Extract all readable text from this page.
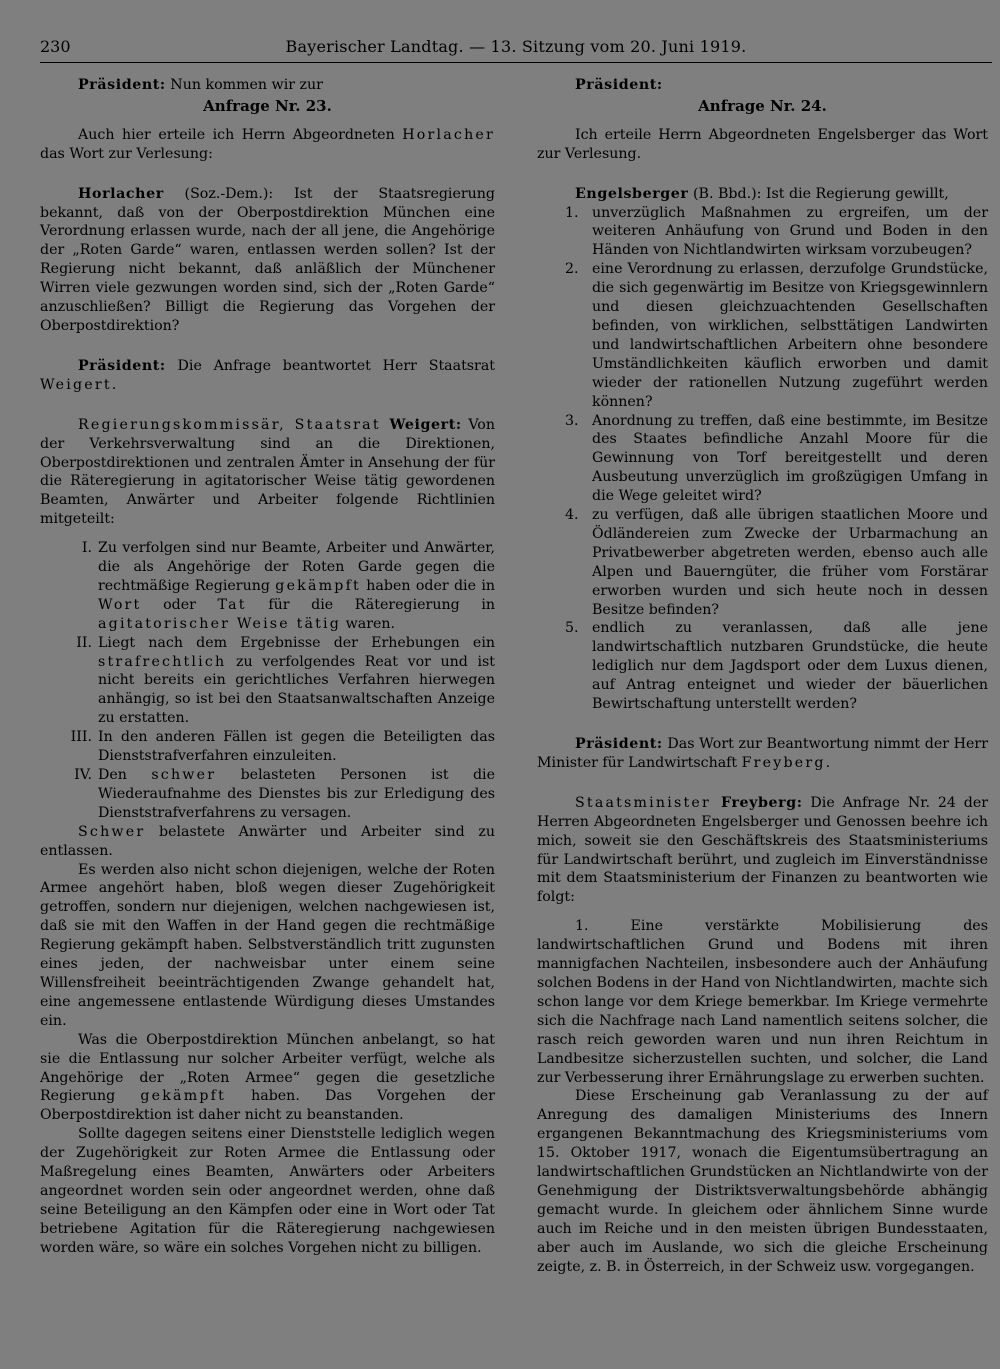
230	Bayerischer Landtag. — 13. Sitzung vom 20. Juni 1919.

Präsident: Nun kommen wir zur

Anfrage Nr. 23.

Auch hier erteile ich Herrn Abgeordneten Horlacher das Wort zur Verlesung:

Horlacher (Soz.-Dem.): Ist der Staatsregierung bekannt, daß von der Oberpostdirektion München eine Verordnung erlassen wurde, nach der all jene, die Angehörige der „Roten Garde“ waren, entlassen werden sollen? Ist der Regierung nicht bekannt, daß anläßlich der Münchener Wirren viele gezwungen worden sind, sich der „Roten Garde“ anzuschließen? Billigt die Regierung das Vorgehen der Oberpostdirektion?

Präsident: Die Anfrage beantwortet Herr Staatsrat Weigert.

Regierungskommissär, Staatsrat Weigert: Von der Verkehrsverwaltung sind an die Direktionen, Oberpostdirektionen und zentralen Ämter in Ansehung der für die Räteregierung in agitatorischer Weise tätig gewordenen Beamten, Anwärter und Arbeiter folgende Richtlinien mitgeteilt:

I. Zu verfolgen sind nur Beamte, Arbeiter und Anwärter, die als Angehörige der Roten Garde gegen die rechtmäßige Regierung gekämpft haben oder die in Wort oder Tat für die Räteregierung in agitatorischer Weise tätig waren.
II. Liegt nach dem Ergebnisse der Erhebungen ein strafrechtlich zu verfolgendes Reat vor und ist nicht bereits ein gerichtliches Verfahren hierwegen anhängig, so ist bei den Staatsanwaltschaften Anzeige zu erstatten.
III. In den anderen Fällen ist gegen die Beteiligten das Dienststrafverfahren einzuleiten.
IV. Den schwer belasteten Personen ist die Wiederaufnahme des Dienstes bis zur Erledigung des Dienststrafverfahrens zu versagen.

Schwer belastete Anwärter und Arbeiter sind zu entlassen.

Es werden also nicht schon diejenigen, welche der Roten Armee angehört haben, bloß wegen dieser Zugehörigkeit getroffen, sondern nur diejenigen, welchen nachgewiesen ist, daß sie mit den Waffen in der Hand gegen die rechtmäßige Regierung gekämpft haben. Selbstverständlich tritt zugunsten eines jeden, der nachweisbar unter einem seine Willensfreiheit beeinträchtigenden Zwange gehandelt hat, eine angemessene entlastende Würdigung dieses Umstandes ein.

Was die Oberpostdirektion München anbelangt, so hat sie die Entlassung nur solcher Arbeiter verfügt, welche als Angehörige der „Roten Armee“ gegen die gesetzliche Regierung gekämpft haben. Das Vorgehen der Oberpostdirektion ist daher nicht zu beanstanden.

Sollte dagegen seitens einer Dienststelle lediglich wegen der Zugehörigkeit zur Roten Armee die Entlassung oder Maßregelung eines Beamten, Anwärters oder Arbeiters angeordnet worden sein oder angeordnet werden, ohne daß seine Beteiligung an den Kämpfen oder eine in Wort oder Tat betriebene Agitation für die Räteregierung nachgewiesen worden wäre, so wäre ein solches Vorgehen nicht zu billigen.

Präsident:

Anfrage Nr. 24.

Ich erteile Herrn Abgeordneten Engelsberger das Wort zur Verlesung.

Engelsberger (B. Bbd.): Ist die Regierung gewillt,

1. unverzüglich Maßnahmen zu ergreifen, um der weiteren Anhäufung von Grund und Boden in den Händen von Nichtlandwirten wirksam vorzubeugen?
2. eine Verordnung zu erlassen, derzufolge Grundstücke, die sich gegenwärtig im Besitze von Kriegsgewinnlern und diesen gleichzuachtenden Gesellschaften befinden, von wirklichen, selbsttätigen Landwirten und landwirtschaftlichen Arbeitern ohne besondere Umständlichkeiten käuflich erworben und damit wieder der rationellen Nutzung zugeführt werden können?
3. Anordnung zu treffen, daß eine bestimmte, im Besitze des Staates befindliche Anzahl Moore für die Gewinnung von Torf bereitgestellt und deren Ausbeutung unverzüglich im großzügigen Umfang in die Wege geleitet wird?
4. zu verfügen, daß alle übrigen staatlichen Moore und Ödländereien zum Zwecke der Urbarmachung an Privatbewerber abgetreten werden, ebenso auch alle Alpen und Bauerngüter, die früher vom Forstärar erworben wurden und sich heute noch in dessen Besitze befinden?
5. endlich zu veranlassen, daß alle jene landwirtschaftlich nutzbaren Grundstücke, die heute lediglich nur dem Jagdsport oder dem Luxus dienen, auf Antrag enteignet und wieder der bäuerlichen Bewirtschaftung unterstellt werden?

Präsident: Das Wort zur Beantwortung nimmt der Herr Minister für Landwirtschaft Freyberg.

Staatsminister Freyberg: Die Anfrage Nr. 24 der Herren Abgeordneten Engelsberger und Genossen beehre ich mich, soweit sie den Geschäftskreis des Staatsministeriums für Landwirtschaft berührt, und zugleich im Einverständnisse mit dem Staatsministerium der Finanzen zu beantworten wie folgt:

1. Eine verstärkte Mobilisierung des landwirtschaftlichen Grund und Bodens mit ihren mannigfachen Nachteilen, insbesondere auch der Anhäufung solchen Bodens in der Hand von Nichtlandwirten, machte sich schon lange vor dem Kriege bemerkbar. Im Kriege vermehrte sich die Nachfrage nach Land namentlich seitens solcher, die rasch reich geworden waren und nun ihren Reichtum in Landbesitze sicherzustellen suchten, und solcher, die Land zur Verbesserung ihrer Ernährungslage zu erwerben suchten.

Diese Erscheinung gab Veranlassung zu der auf Anregung des damaligen Ministeriums des Innern ergangenen Bekanntmachung des Kriegsministeriums vom 15. Oktober 1917, wonach die Eigentumsübertragung an landwirtschaftlichen Grundstücken an Nichtlandwirte von der Genehmigung der Distriktsverwaltungsbehörde abhängig gemacht wurde. In gleichem oder ähnlichem Sinne wurde auch im Reiche und in den meisten übrigen Bundesstaaten, aber auch im Auslande, wo sich die gleiche Erscheinung zeigte, z. B. in Österreich, in der Schweiz usw. vorgegangen.
